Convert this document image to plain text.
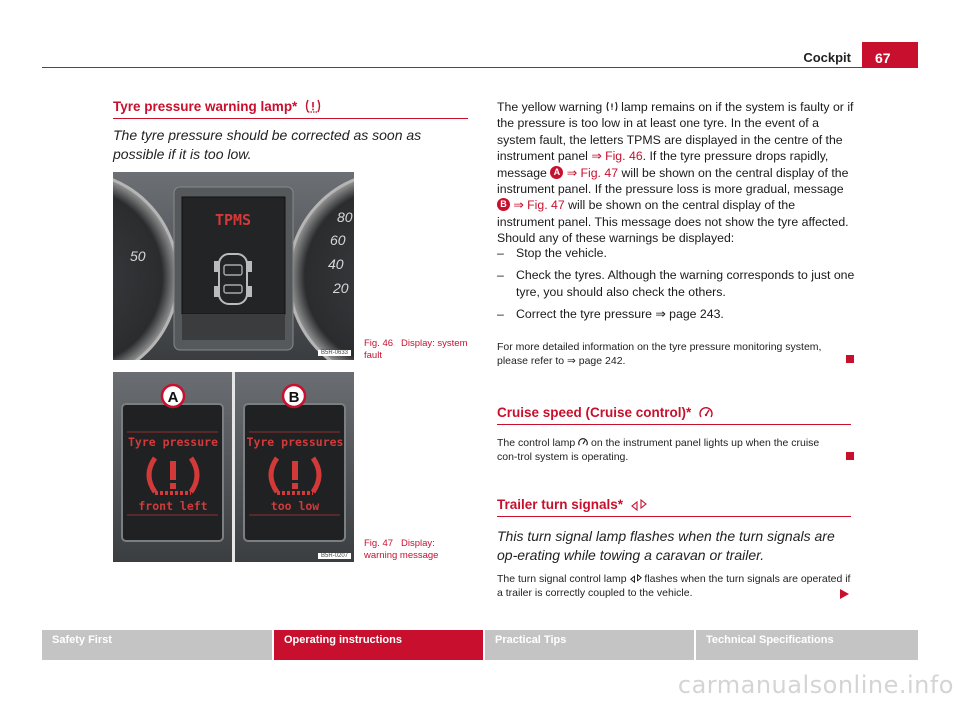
Cockpit	67
Tyre pressure warning lamp*
The tyre pressure should be corrected as soon as possible if it is too low.
TPMS
50
80
60
40
20
B5R-0633
Fig. 46 Display: system fault
Tyre pressure
front left
Tyre pressures
too low
A	B
B5R-0207
Fig. 47 Display: warning message
The yellow warning lamp remains on if the system is faulty or if the pressure is too low in at least one tyre. In the event of a system fault, the letters TPMS are displayed in the centre of the instrument panel ⇒ Fig. 46. If the tyre pressure drops rapidly, message A ⇒ Fig. 47 will be shown on the central display of the instrument panel. If the pressure loss is more gradual, message B ⇒ Fig. 47 will be shown on the central display of the instrument panel. This message does not show the tyre affected. Should any of these warnings be displayed:
– Stop the vehicle.
– Check the tyres. Although the warning corresponds to just one tyre, you should also check the others.
– Correct the tyre pressure ⇒ page 243.
For more detailed information on the tyre pressure monitoring system, please refer to ⇒ page 242.
Cruise speed (Cruise control)*
The control lamp on the instrument panel lights up when the cruise con-trol system is operating.
Trailer turn signals*
This turn signal lamp flashes when the turn signals are op-erating while towing a caravan or trailer.
The turn signal control lamp flashes when the turn signals are operated if a trailer is correctly coupled to the vehicle.
Safety First	Operating instructions	Practical Tips	Technical Specifications
carmanualsonline.info
